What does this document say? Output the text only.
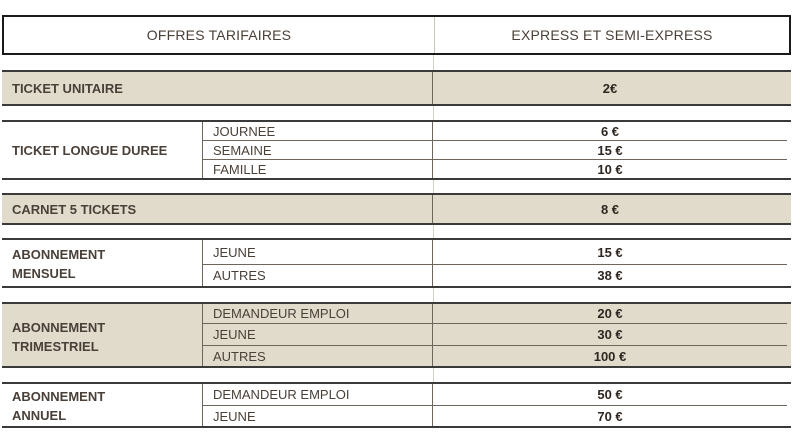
OFFRES TARIFAIRES	EXPRESS ET SEMI-EXPRESS
TICKET UNITAIRE	2€
TICKET LONGUE DUREE
JOURNEE	6 €
SEMAINE	15 €
FAMILLE	10 €
CARNET 5 TICKETS	8 €
ABONNEMENT
MENSUEL
JEUNE	15 €
AUTRES	38 €
ABONNEMENT
TRIMESTRIEL
DEMANDEUR EMPLOI	20 €
JEUNE	30 €
AUTRES	100 €
ABONNEMENT
ANNUEL
DEMANDEUR EMPLOI	50 €
JEUNE	70 €
